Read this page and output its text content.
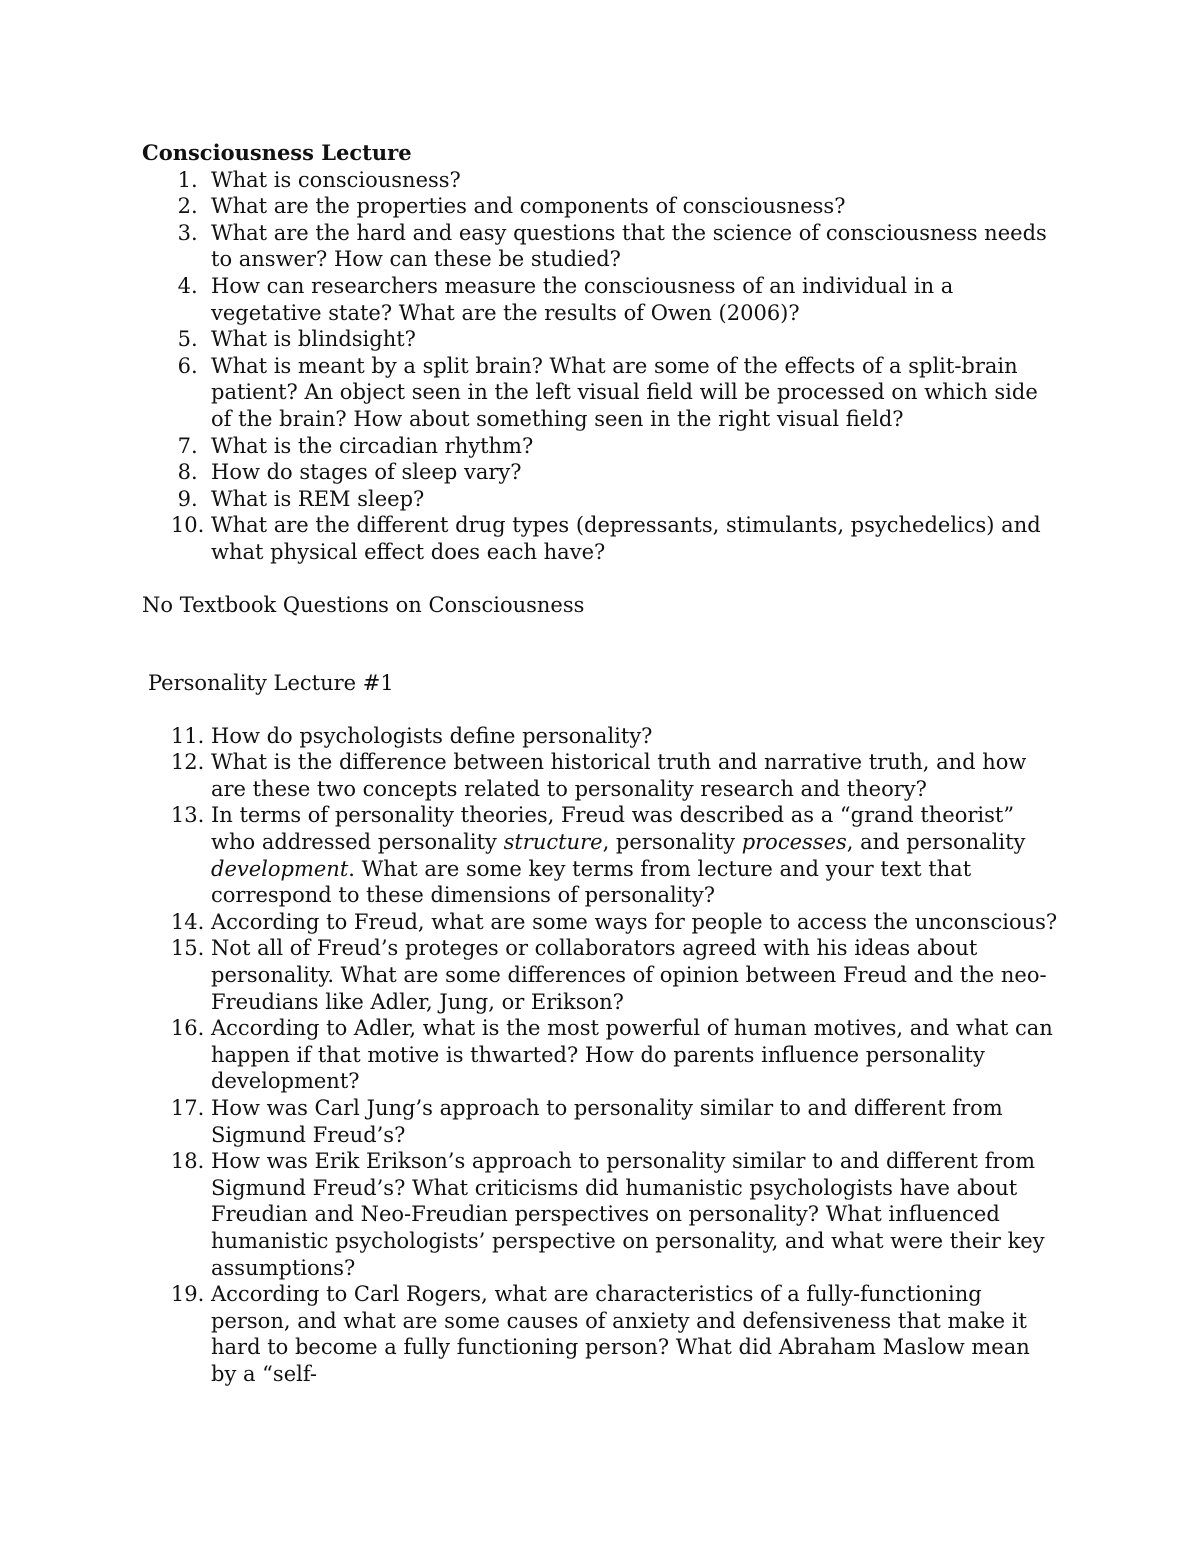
Consciousness Lecture

1. What is consciousness?
2. What are the properties and components of consciousness?
3. What are the hard and easy questions that the science of consciousness needs to answer? How can these be studied?
4. How can researchers measure the consciousness of an individual in a vegetative state? What are the results of Owen (2006)?
5. What is blindsight?
6. What is meant by a split brain? What are some of the effects of a split-brain patient? An object seen in the left visual field will be processed on which side of the brain? How about something seen in the right visual field?
7. What is the circadian rhythm?
8. How do stages of sleep vary?
9. What is REM sleep?
10. What are the different drug types (depressants, stimulants, psychedelics) and what physical effect does each have?

No Textbook Questions on Consciousness

Personality Lecture #1

11. How do psychologists define personality?
12. What is the difference between historical truth and narrative truth, and how are these two concepts related to personality research and theory?
13. In terms of personality theories, Freud was described as a “grand theorist” who addressed personality structure, personality processes, and personality development. What are some key terms from lecture and your text that correspond to these dimensions of personality?
14. According to Freud, what are some ways for people to access the unconscious?
15. Not all of Freud’s proteges or collaborators agreed with his ideas about personality. What are some differences of opinion between Freud and the neo-Freudians like Adler, Jung, or Erikson?
16. According to Adler, what is the most powerful of human motives, and what can happen if that motive is thwarted? How do parents influence personality development?
17. How was Carl Jung’s approach to personality similar to and different from Sigmund Freud’s?
18. How was Erik Erikson’s approach to personality similar to and different from Sigmund Freud’s? What criticisms did humanistic psychologists have about Freudian and Neo-Freudian perspectives on personality? What influenced humanistic psychologists’ perspective on personality, and what were their key assumptions?
19. According to Carl Rogers, what are characteristics of a fully-functioning person, and what are some causes of anxiety and defensiveness that make it hard to become a fully functioning person? What did Abraham Maslow mean by a “self-
